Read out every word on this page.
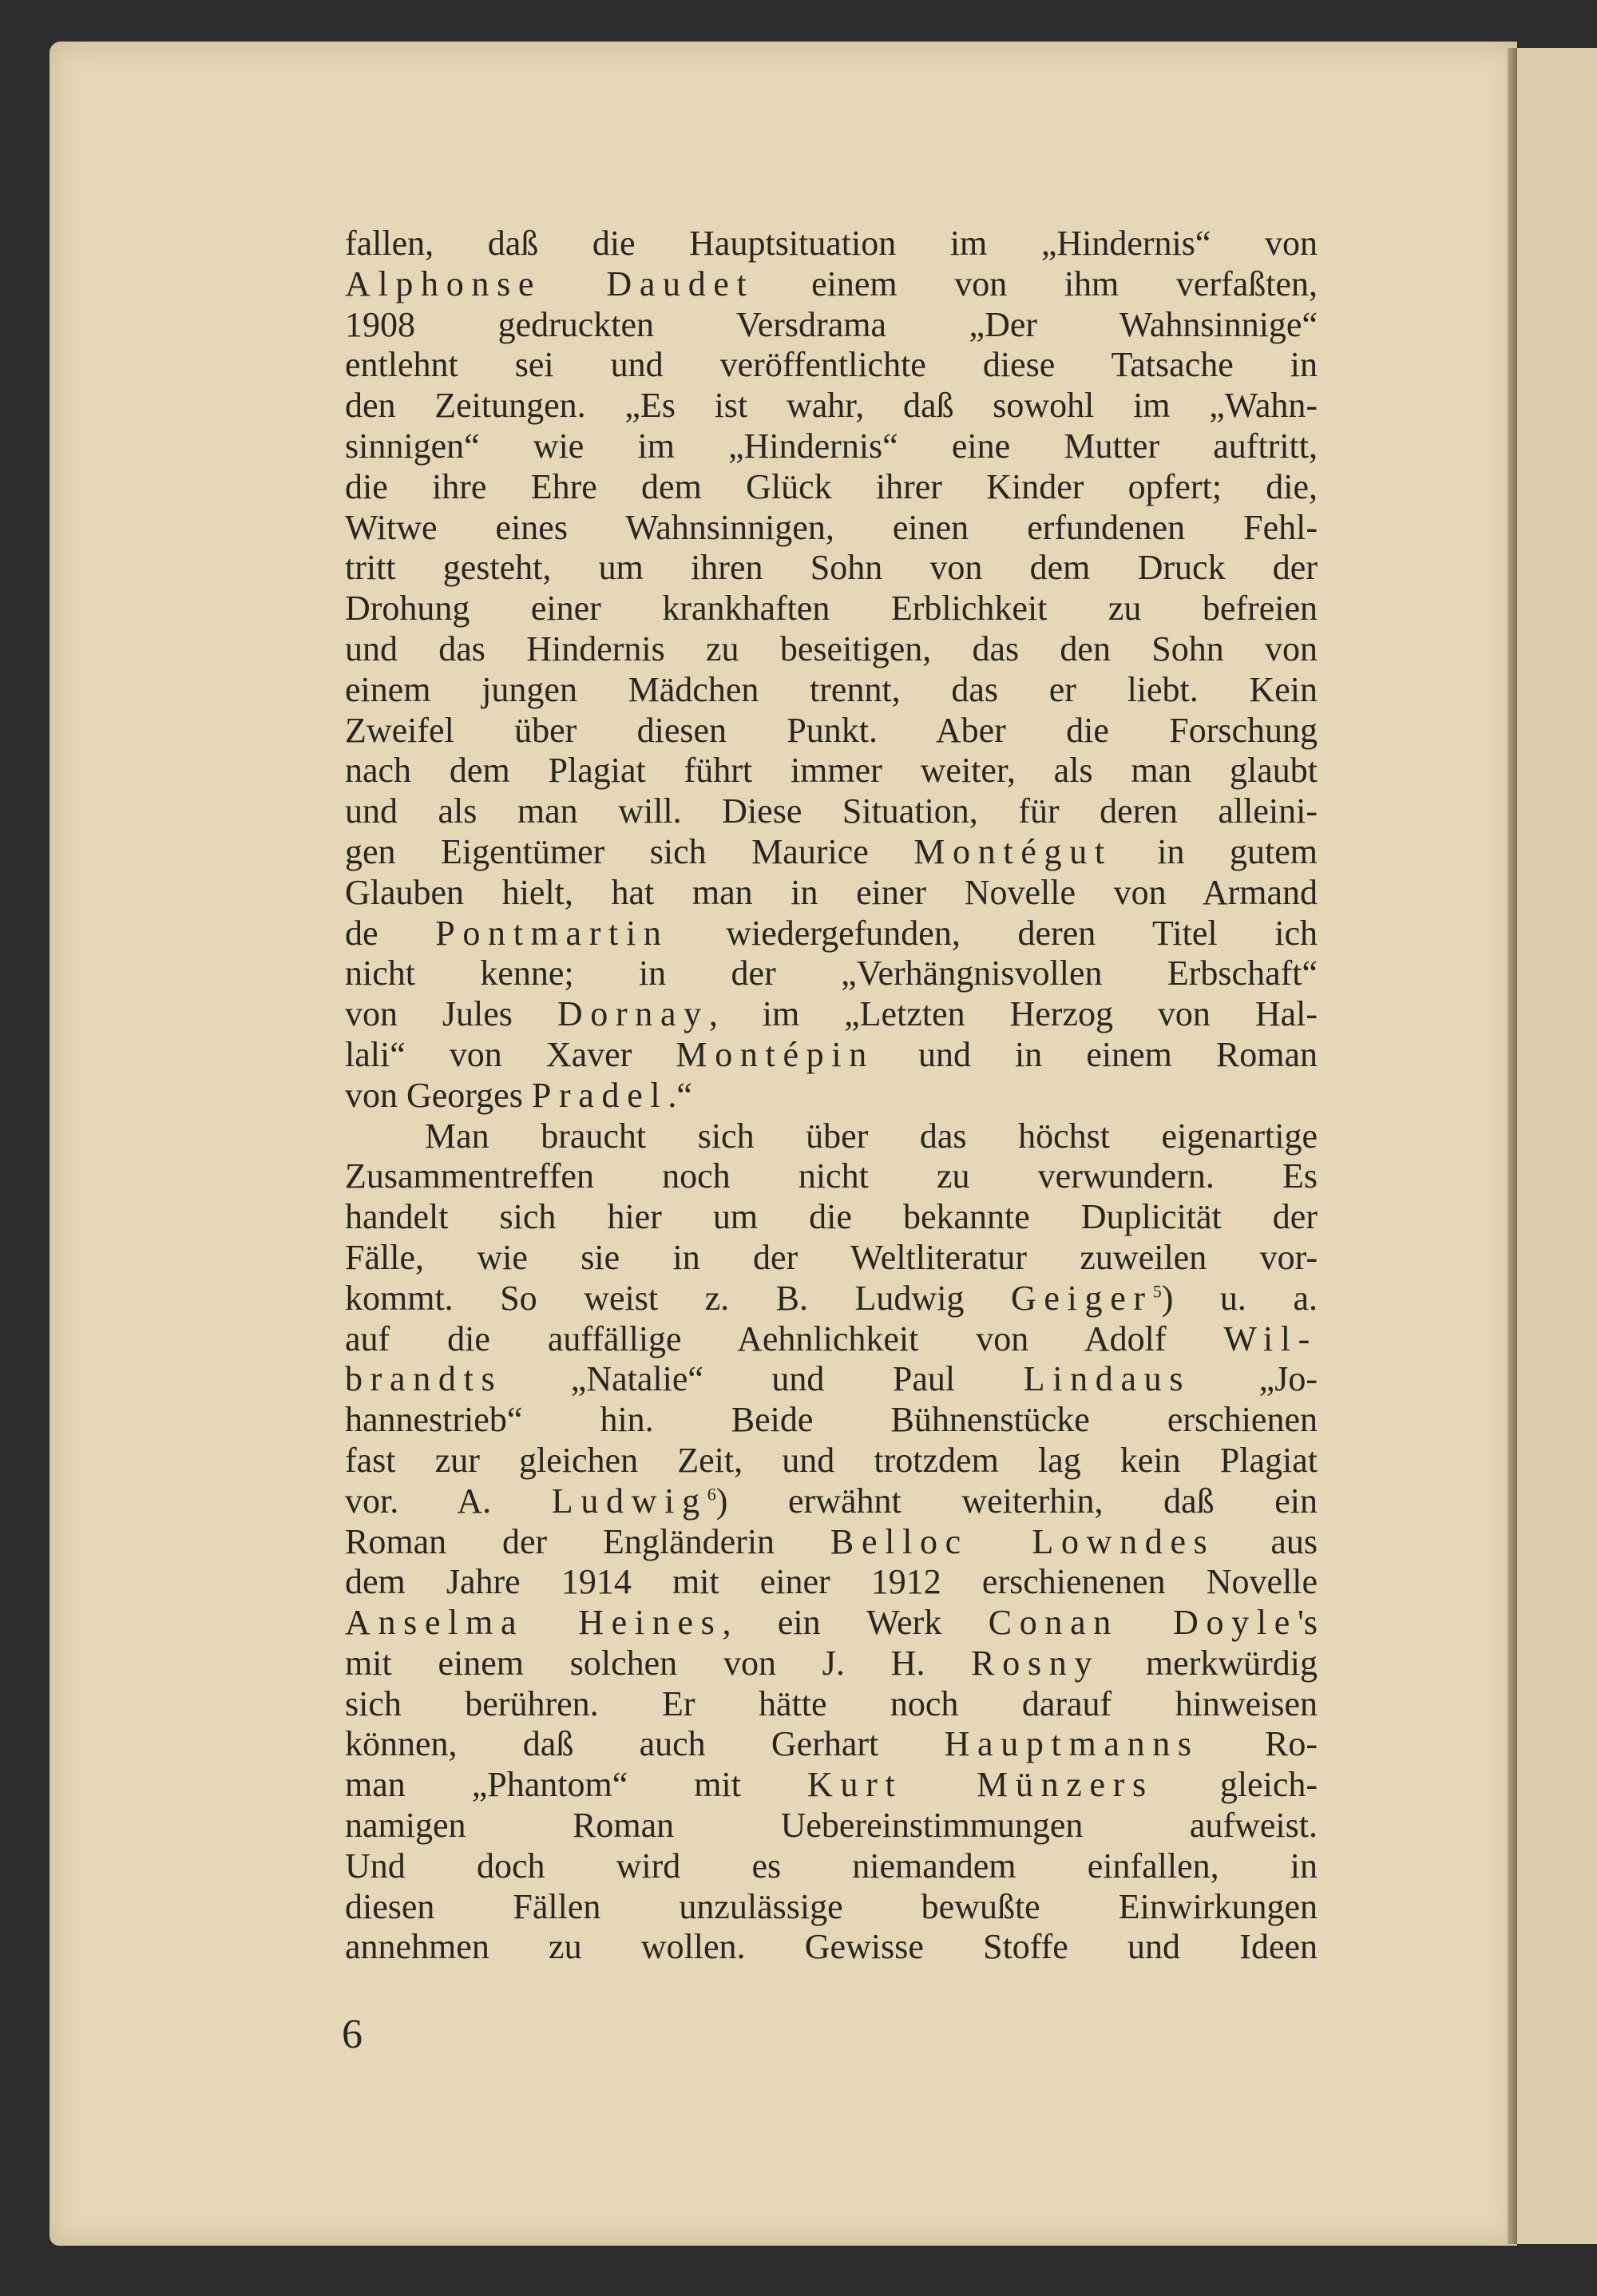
fallen, daß die Hauptsituation im „Hindernis“ von
Alphonse Daudet einem von ihm verfaßten,
1908 gedruckten Versdrama „Der Wahnsinnige“
entlehnt sei und veröffentlichte diese Tatsache in
den Zeitungen. „Es ist wahr, daß sowohl im „Wahn-
sinnigen“ wie im „Hindernis“ eine Mutter auftritt,
die ihre Ehre dem Glück ihrer Kinder opfert; die,
Witwe eines Wahnsinnigen, einen erfundenen Fehl-
tritt gesteht, um ihren Sohn von dem Druck der
Drohung einer krankhaften Erblichkeit zu befreien
und das Hindernis zu beseitigen, das den Sohn von
einem jungen Mädchen trennt, das er liebt. Kein
Zweifel über diesen Punkt. Aber die Forschung
nach dem Plagiat führt immer weiter, als man glaubt
und als man will. Diese Situation, für deren alleini-
gen Eigentümer sich Maurice Montégut in gutem
Glauben hielt, hat man in einer Novelle von Armand
de Pontmartin wiedergefunden, deren Titel ich
nicht kenne; in der „Verhängnisvollen Erbschaft“
von Jules Dornay, im „Letzten Herzog von Hal-
lali“ von Xaver Montépin und in einem Roman
von Georges Pradel.“
Man braucht sich über das höchst eigenartige
Zusammentreffen noch nicht zu verwundern. Es
handelt sich hier um die bekannte Duplicität der
Fälle, wie sie in der Weltliteratur zuweilen vor-
kommt. So weist z. B. Ludwig Geiger$^5$) u. a.
auf die auffällige Aehnlichkeit von Adolf Wil-
brandts „Natalie“ und Paul Lindaus „Jo-
hannestrieb“ hin. Beide Bühnenstücke erschienen
fast zur gleichen Zeit, und trotzdem lag kein Plagiat
vor. A. Ludwig$^6$) erwähnt weiterhin, daß ein
Roman der Engländerin Belloc Lowndes aus
dem Jahre 1914 mit einer 1912 erschienenen Novelle
Anselma Heines, ein Werk Conan Doyle's
mit einem solchen von J. H. Rosny merkwürdig
sich berühren. Er hätte noch darauf hinweisen
können, daß auch Gerhart Hauptmanns Ro-
man „Phantom“ mit Kurt Münzers gleich-
namigen Roman Uebereinstimmungen aufweist.
Und doch wird es niemandem einfallen, in
diesen Fällen unzulässige bewußte Einwirkungen
annehmen zu wollen. Gewisse Stoffe und Ideen
6
